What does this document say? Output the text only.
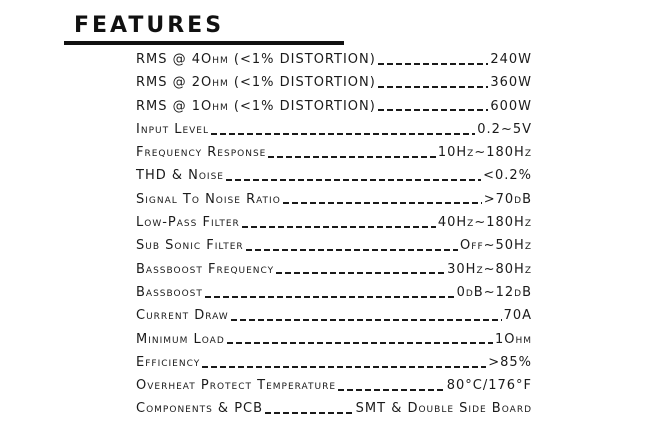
FEATURES
RMS @ 4Ohm (<1% DISTORTION)	240W
RMS @ 2Ohm (<1% DISTORTION)	360W
RMS @ 1Ohm (<1% DISTORTION)	600W
Input Level	0.2~5V
Frequency Response	10Hz~180Hz
THD & Noise	<0.2%
Signal To Noise Ratio	>70dB
Low-Pass Filter	40Hz~180Hz
Sub Sonic Filter	Off~50Hz
Bassboost Frequency	30Hz~80Hz
Bassboost	0dB~12dB
Current Draw	70A
Minimum Load	1Ohm
Efficiency	>85%
Overheat Protect Temperature	80°C/176°F
Components & PCB	SMT & Double Side Board
